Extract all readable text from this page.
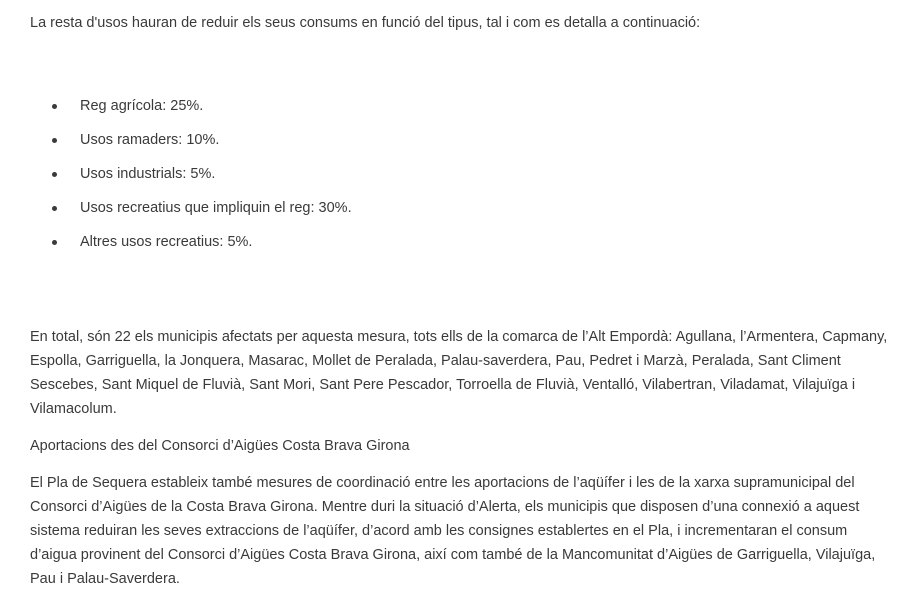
La resta d'usos hauran de reduir els seus consums en funció del tipus, tal i com es detalla a continuació:

Reg agrícola: 25%.
Usos ramaders: 10%.
Usos industrials: 5%.
Usos recreatius que impliquin el reg: 30%.
Altres usos recreatius: 5%.

En total, són 22 els municipis afectats per aquesta mesura, tots ells de la comarca de l’Alt Empordà: Agullana, l’Armentera, Capmany, Espolla, Garriguella, la Jonquera, Masarac, Mollet de Peralada, Palau-saverdera, Pau, Pedret i Marzà, Peralada, Sant Climent Sescebes, Sant Miquel de Fluvià, Sant Mori, Sant Pere Pescador, Torroella de Fluvià, Ventalló, Vilabertran, Viladamat, Vilajuïga i Vilamacolum.

Aportacions des del Consorci d’Aigües Costa Brava Girona

El Pla de Sequera estableix també mesures de coordinació entre les aportacions de l’aqüífer i les de la xarxa supramunicipal del Consorci d’Aigües de la Costa Brava Girona. Mentre duri la situació d’Alerta, els municipis que disposen d’una connexió a aquest sistema reduiran les seves extraccions de l’aqüífer, d’acord amb les consignes establertes en el Pla, i incrementaran el consum d’aigua provinent del Consorci d’Aigües Costa Brava Girona, així com també de la Mancomunitat d’Aigües de Garriguella, Vilajuïga, Pau i Palau-Saverdera.
